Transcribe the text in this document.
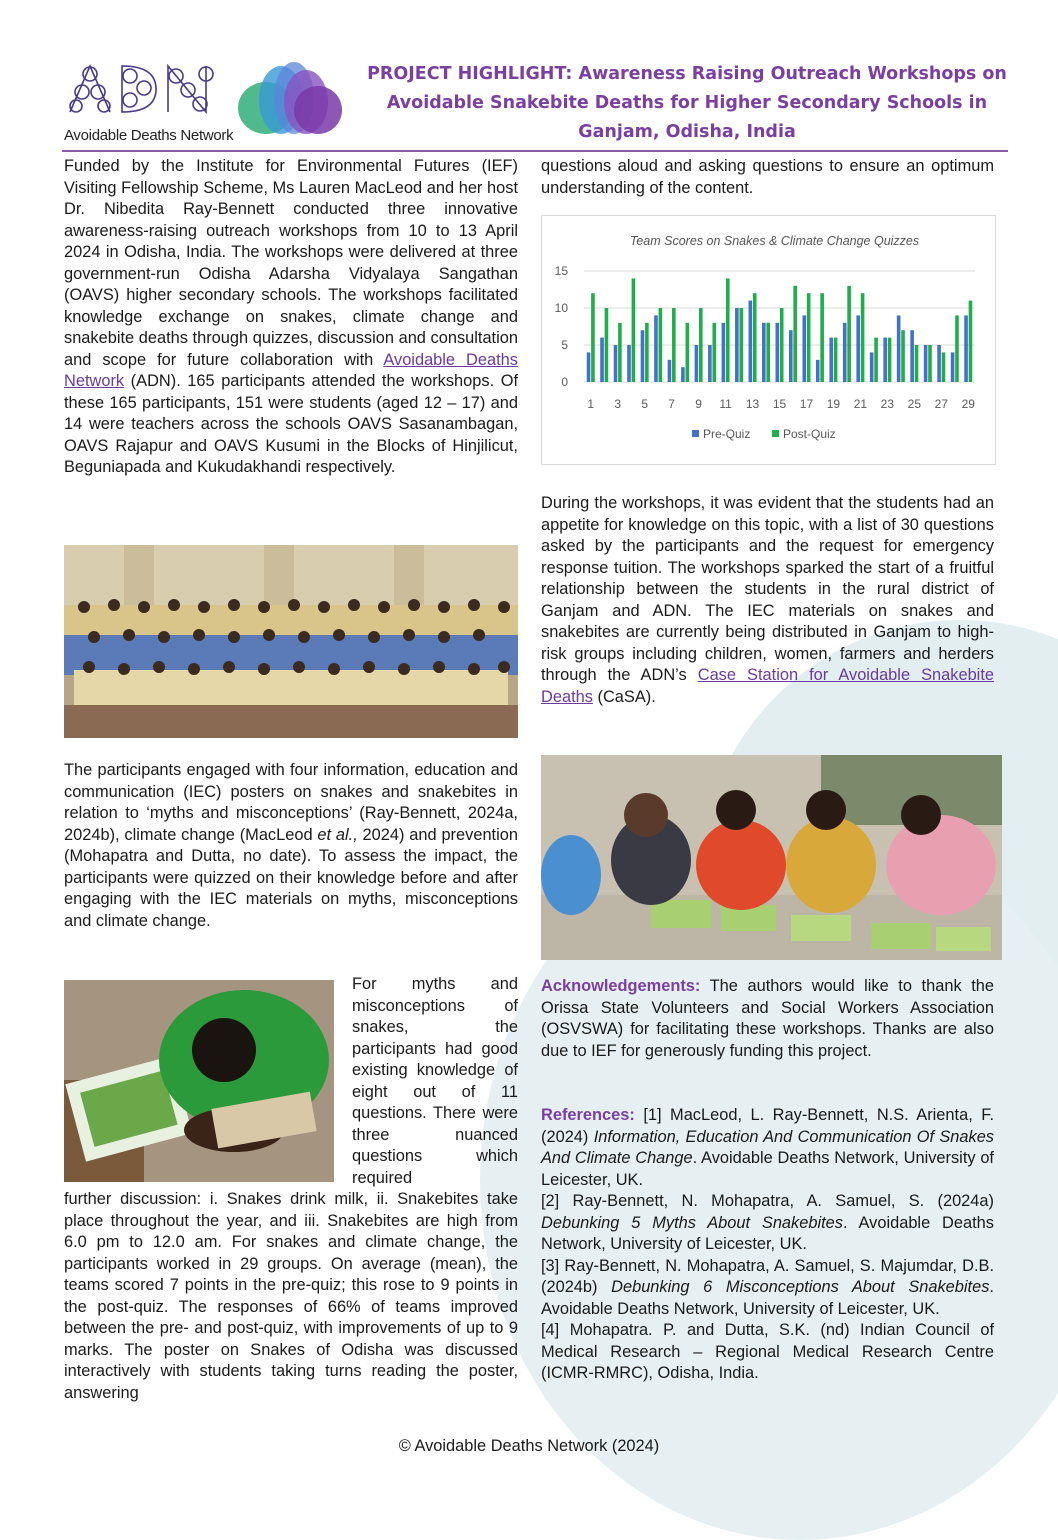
Avoidable Deaths Network
PROJECT HIGHLIGHT: Awareness Raising Outreach Workshops on Avoidable Snakebite Deaths for Higher Secondary Schools in Ganjam, Odisha, India

Funded by the Institute for Environmental Futures (IEF) Visiting Fellowship Scheme, Ms Lauren MacLeod and her host Dr. Nibedita Ray-Bennett conducted three innovative awareness-raising outreach workshops from 10 to 13 April 2024 in Odisha, India. The workshops were delivered at three government-run Odisha Adarsha Vidyalaya Sangathan (OAVS) higher secondary schools. The workshops facilitated knowledge exchange on snakes, climate change and snakebite deaths through quizzes, discussion and consultation and scope for future collaboration with Avoidable Deaths Network (ADN). 165 participants attended the workshops. Of these 165 participants, 151 were students (aged 12 – 17) and 14 were teachers across the schools OAVS Sasanambagan, OAVS Rajapur and OAVS Kusumi in the Blocks of Hinjilicut, Beguniapada and Kukudakhandi respectively.

The participants engaged with four information, education and communication (IEC) posters on snakes and snakebites in relation to ‘myths and misconceptions’ (Ray-Bennett, 2024a, 2024b), climate change (MacLeod et al., 2024) and prevention (Mohapatra and Dutta, no date). To assess the impact, the participants were quizzed on their knowledge before and after engaging with the IEC materials on myths, misconceptions and climate change.

For myths and misconceptions of snakes, the participants had good existing knowledge of eight out of 11 questions. There were three nuanced questions which required

further discussion: i. Snakes drink milk, ii. Snakebites take place throughout the year, and iii. Snakebites are high from 6.0 pm to 12.0 am. For snakes and climate change, the participants worked in 29 groups. On average (mean), the teams scored 7 points in the pre-quiz; this rose to 9 points in the post-quiz. The responses of 66% of teams improved between the pre- and post-quiz, with improvements of up to 9 marks. The poster on Snakes of Odisha was discussed interactively with students taking turns reading the poster, answering

questions aloud and asking questions to ensure an optimum understanding of the content.

Team Scores on Snakes & Climate Change Quizzes
0
5
10
15
1 3 5 7 9 11 13 15 17 19 21 23 25 27 29
Pre-Quiz	Post-Quiz

During the workshops, it was evident that the students had an appetite for knowledge on this topic, with a list of 30 questions asked by the participants and the request for emergency response tuition. The workshops sparked the start of a fruitful relationship between the students in the rural district of Ganjam and ADN. The IEC materials on snakes and snakebites are currently being distributed in Ganjam to high-risk groups including children, women, farmers and herders through the ADN’s Case Station for Avoidable Snakebite Deaths (CaSA).

Acknowledgements: The authors would like to thank the Orissa State Volunteers and Social Workers Association (OSVSWA) for facilitating these workshops. Thanks are also due to IEF for generously funding this project.

References: [1] MacLeod, L. Ray-Bennett, N.S. Arienta, F. (2024) Information, Education And Communication Of Snakes And Climate Change. Avoidable Deaths Network, University of Leicester, UK.

[2] Ray-Bennett, N. Mohapatra, A. Samuel, S. (2024a) Debunking 5 Myths About Snakebites. Avoidable Deaths Network, University of Leicester, UK.

[3] Ray-Bennett, N. Mohapatra, A. Samuel, S. Majumdar, D.B. (2024b) Debunking 6 Misconceptions About Snakebites. Avoidable Deaths Network, University of Leicester, UK.

[4] Mohapatra. P. and Dutta, S.K. (nd) Indian Council of Medical Research – Regional Medical Research Centre (ICMR-RMRC), Odisha, India.

© Avoidable Deaths Network (2024)
